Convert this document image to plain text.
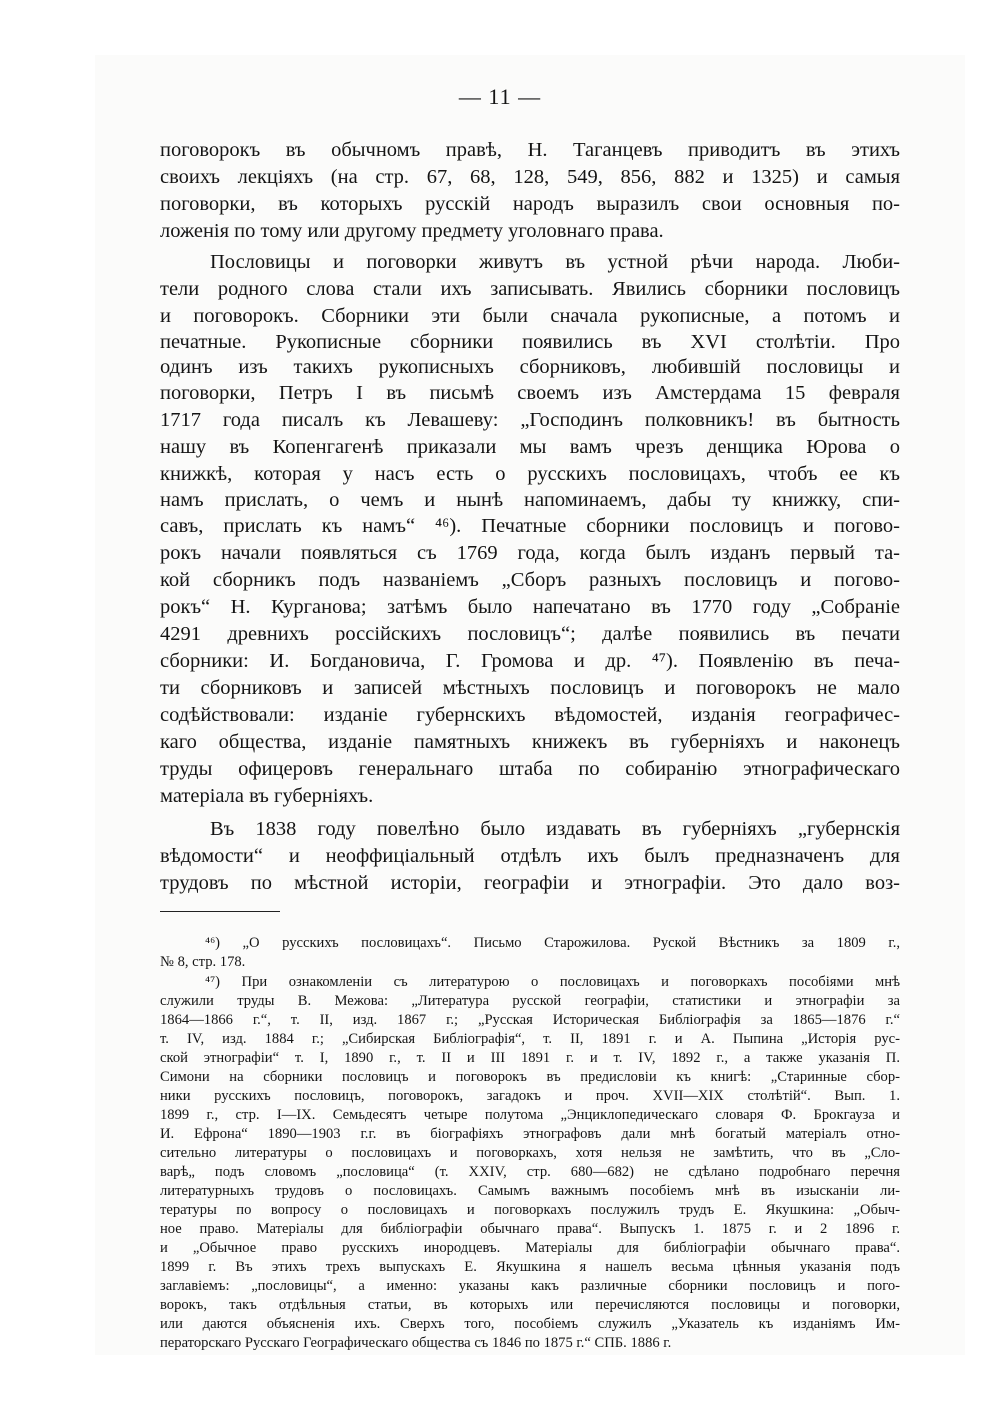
— 11 —
поговорокъ въ обычномъ правѣ, Н. Таганцевъ приводитъ въ этихъ
своихъ лекціяхъ (на стр. 67, 68, 128, 549, 856, 882 и 1325) и самыя
поговорки, въ которыхъ русскій народъ выразилъ свои основныя по-
ложенія по тому или другому предмету уголовнаго права.
Пословицы и поговорки живутъ въ устной рѣчи народа. Люби-
тели родного слова стали ихъ записывать. Явились сборники пословицъ
и поговорокъ. Сборники эти были сначала рукописные, а потомъ и
печатные. Рукописные сборники появились въ XVI столѣтіи. Про
одинъ изъ такихъ рукописныхъ сборниковъ, любившій пословицы и
поговорки, Петръ I въ письмѣ своемъ изъ Амстердама 15 февраля
1717 года писалъ къ Левашеву: „Господинъ полковникъ! въ бытность
нашу въ Копенгагенѣ приказали мы вамъ чрезъ денщика Юрова о
книжкѣ, которая у насъ есть о русскихъ пословицахъ, чтобъ ее къ
намъ прислать, о чемъ и нынѣ напоминаемъ, дабы ту книжку, спи-
савъ, прислать къ намъ“ ⁴⁶). Печатные сборники пословицъ и погово-
рокъ начали появляться съ 1769 года, когда былъ изданъ первый та-
кой сборникъ подъ названіемъ „Сборъ разныхъ пословицъ и погово-
рокъ“ Н. Курганова; затѣмъ было напечатано въ 1770 году „Собраніе
4291 древнихъ россійскихъ пословицъ“; далѣе появились въ печати
сборники: И. Богдановича, Г. Громова и др. ⁴⁷). Появленію въ печа-
ти сборниковъ и записей мѣстныхъ пословицъ и поговорокъ не мало
содѣйствовали: изданіе губернскихъ вѣдомостей, изданія географичес-
каго общества, изданіе памятныхъ книжекъ въ губерніяхъ и наконецъ
труды офицеровъ генеральнаго штаба по собиранію этнографическаго
матеріала въ губерніяхъ.
Въ 1838 году повелѣно было издавать въ губерніяхъ „губернскія
вѣдомости“ и неоффиціальный отдѣлъ ихъ былъ предназначенъ для
трудовъ по мѣстной исторіи, географіи и этнографіи. Это дало воз-
⁴⁶) „О русскихъ пословицахъ“. Письмо Старожилова. Руской Вѣстникъ за 1809 г.,
№ 8, стр. 178.
⁴⁷) При ознакомленіи съ литературою о пословицахъ и поговоркахъ пособіями мнѣ
служили труды В. Межова: „Литература русской географіи, статистики и этнографіи за
1864—1866 г.“, т. II, изд. 1867 г.; „Русская Историческая Библіографія за 1865—1876 г.“
т. IV, изд. 1884 г.; „Сибирская Библіографія“, т. II, 1891 г. и А. Пыпина „Исторія рус-
ской этнографіи“ т. I, 1890 г., т. II и III 1891 г. и т. IV, 1892 г., а также указанія П.
Симони на сборники пословицъ и поговорокъ въ предисловіи къ книгѣ: „Старинные сбор-
ники русскихъ пословицъ, поговорокъ, загадокъ и проч. XVII—XIX столѣтій“. Вып. 1.
1899 г., стр. I—IX. Семьдесятъ четыре полутома „Энциклопедическаго словаря Ф. Брокгауза и
И. Ефрона“ 1890—1903 г.г. въ біографіяхъ этнографовъ дали мнѣ богатый матеріалъ отно-
сительно литературы о пословицахъ и поговоркахъ, хотя нельзя не замѣтить, что въ „Сло-
варѣ„ подъ словомъ „пословица“ (т. XXIV, стр. 680—682) не сдѣлано подробнаго перечня
литературныхъ трудовъ о пословицахъ. Самымъ важнымъ пособіемъ мнѣ въ изысканіи ли-
тературы по вопросу о пословицахъ и поговоркахъ послужилъ трудъ Е. Якушкина: „Обыч-
ное право. Матеріалы для библіографіи обычнаго права“. Выпускъ 1. 1875 г. и 2 1896 г.
и „Обычное право русскихъ инородцевъ. Матеріалы для библіографіи обычнаго права“.
1899 г. Въ этихъ трехъ выпускахъ Е. Якушкина я нашелъ весьма цѣнныя указанія подъ
заглавіемъ: „пословицы“, а именно: указаны какъ различные сборники пословицъ и пого-
ворокъ, такъ отдѣльныя статьи, въ которыхъ или перечисляются пословицы и поговорки,
или даются объясненія ихъ. Сверхъ того, пособіемъ служилъ „Указатель къ изданіямъ Им-
ператорскаго Русскаго Географическаго общества съ 1846 по 1875 г.“ СПБ. 1886 г.
